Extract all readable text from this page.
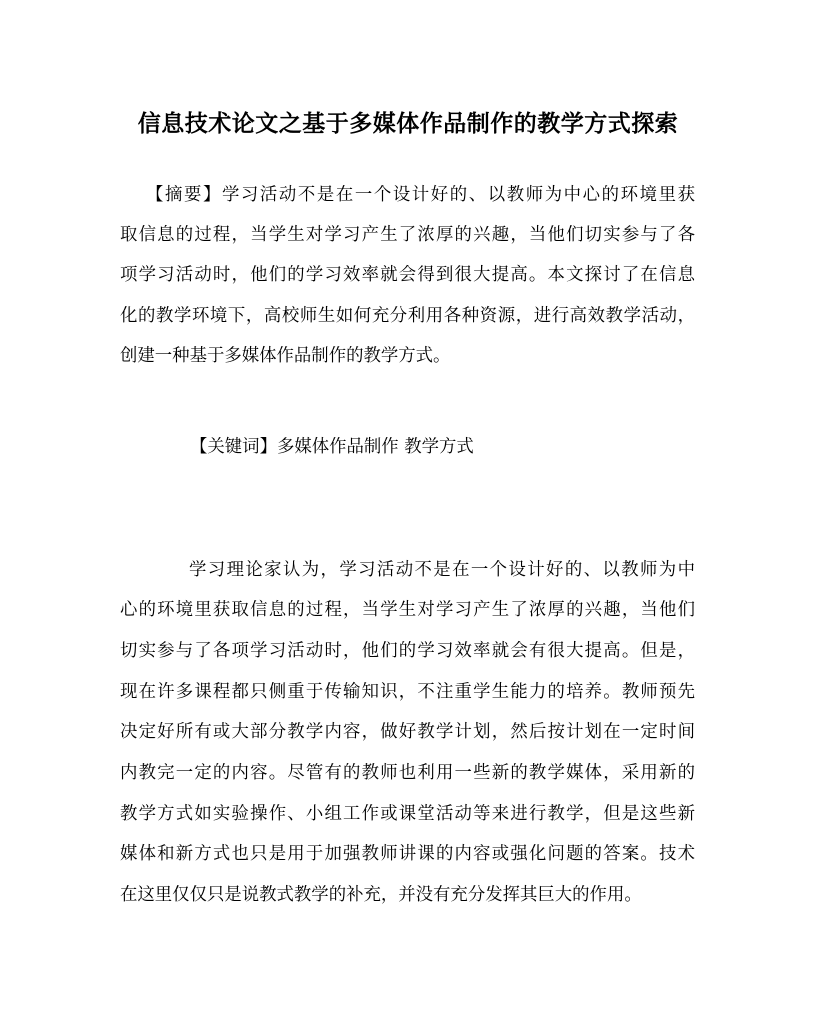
信息技术论文之基于多媒体作品制作的教学方式探索
【摘要】学习活动不是在一个设计好的、以教师为中心的环境里获
取信息的过程，当学生对学习产生了浓厚的兴趣，当他们切实参与了各
项学习活动时，他们的学习效率就会得到很大提高。本文探讨了在信息
化的教学环境下，高校师生如何充分利用各种资源，进行高效教学活动，
创建一种基于多媒体作品制作的教学方式。
【关键词】多媒体作品制作 教学方式
学习理论家认为，学习活动不是在一个设计好的、以教师为中
心的环境里获取信息的过程，当学生对学习产生了浓厚的兴趣，当他们
切实参与了各项学习活动时，他们的学习效率就会有很大提高。但是，
现在许多课程都只侧重于传输知识，不注重学生能力的培养。教师预先
决定好所有或大部分教学内容，做好教学计划，然后按计划在一定时间
内教完一定的内容。尽管有的教师也利用一些新的教学媒体，采用新的
教学方式如实验操作、小组工作或课堂活动等来进行教学，但是这些新
媒体和新方式也只是用于加强教师讲课的内容或强化问题的答案。技术
在这里仅仅只是说教式教学的补充，并没有充分发挥其巨大的作用。
